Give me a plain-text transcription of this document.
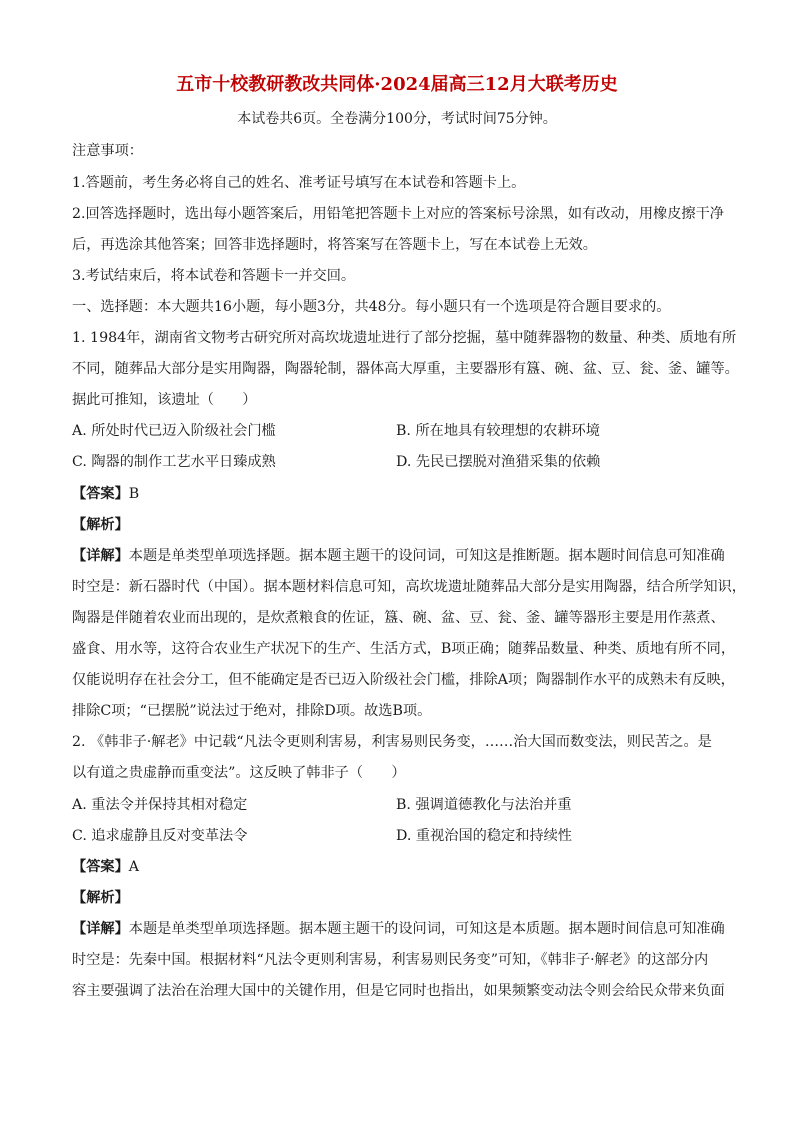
五市十校教研教改共同体·2024届高三12月大联考历史
本试卷共6页。全卷满分100分，考试时间75分钟。
注意事项：
1.答题前，考生务必将自己的姓名、准考证号填写在本试卷和答题卡上。
2.回答选择题时，选出每小题答案后，用铅笔把答题卡上对应的答案标号涂黑，如有改动，用橡皮擦干净
后，再选涂其他答案；回答非选择题时，将答案写在答题卡上，写在本试卷上无效。
3.考试结束后，将本试卷和答题卡一并交回。
一、选择题：本大题共16小题，每小题3分，共48分。每小题只有一个选项是符合题目要求的。
1. 1984年，湖南省文物考古研究所对高坎垅遗址进行了部分挖掘，墓中随葬器物的数量、种类、质地有所
不同，随葬品大部分是实用陶器，陶器轮制，器体高大厚重，主要器形有簋、碗、盆、豆、瓮、釜、罐等。
据此可推知，该遗址（　　）
A. 所处时代已迈入阶级社会门槛	B. 所在地具有较理想的农耕环境
C. 陶器的制作工艺水平日臻成熟	D. 先民已摆脱对渔猎采集的依赖
【答案】B
【解析】
【详解】本题是单类型单项选择题。据本题主题干的设问词，可知这是推断题。据本题时间信息可知准确
时空是：新石器时代（中国）。据本题材料信息可知，高坎垅遗址随葬品大部分是实用陶器，结合所学知识，
陶器是伴随着农业而出现的，是炊煮粮食的佐证，簋、碗、盆、豆、瓮、釜、罐等器形主要是用作蒸煮、
盛食、用水等，这符合农业生产状况下的生产、生活方式，B项正确；随葬品数量、种类、质地有所不同，
仅能说明存在社会分工，但不能确定是否已迈入阶级社会门槛，排除A项；陶器制作水平的成熟未有反映，
排除C项；“已摆脱”说法过于绝对，排除D项。故选B项。
2. 《韩非子·解老》中记载“凡法令更则利害易，利害易则民务变，……治大国而数变法，则民苦之。是
以有道之贵虚静而重变法”。这反映了韩非子（　　）
A. 重法令并保持其相对稳定	B. 强调道德教化与法治并重
C. 追求虚静且反对变革法令	D. 重视治国的稳定和持续性
【答案】A
【解析】
【详解】本题是单类型单项选择题。据本题主题干的设问词，可知这是本质题。据本题时间信息可知准确
时空是：先秦中国。根据材料“凡法令更则利害易，利害易则民务变”可知，《韩非子·解老》的这部分内
容主要强调了法治在治理大国中的关键作用，但是它同时也指出，如果频繁变动法令则会给民众带来负面
